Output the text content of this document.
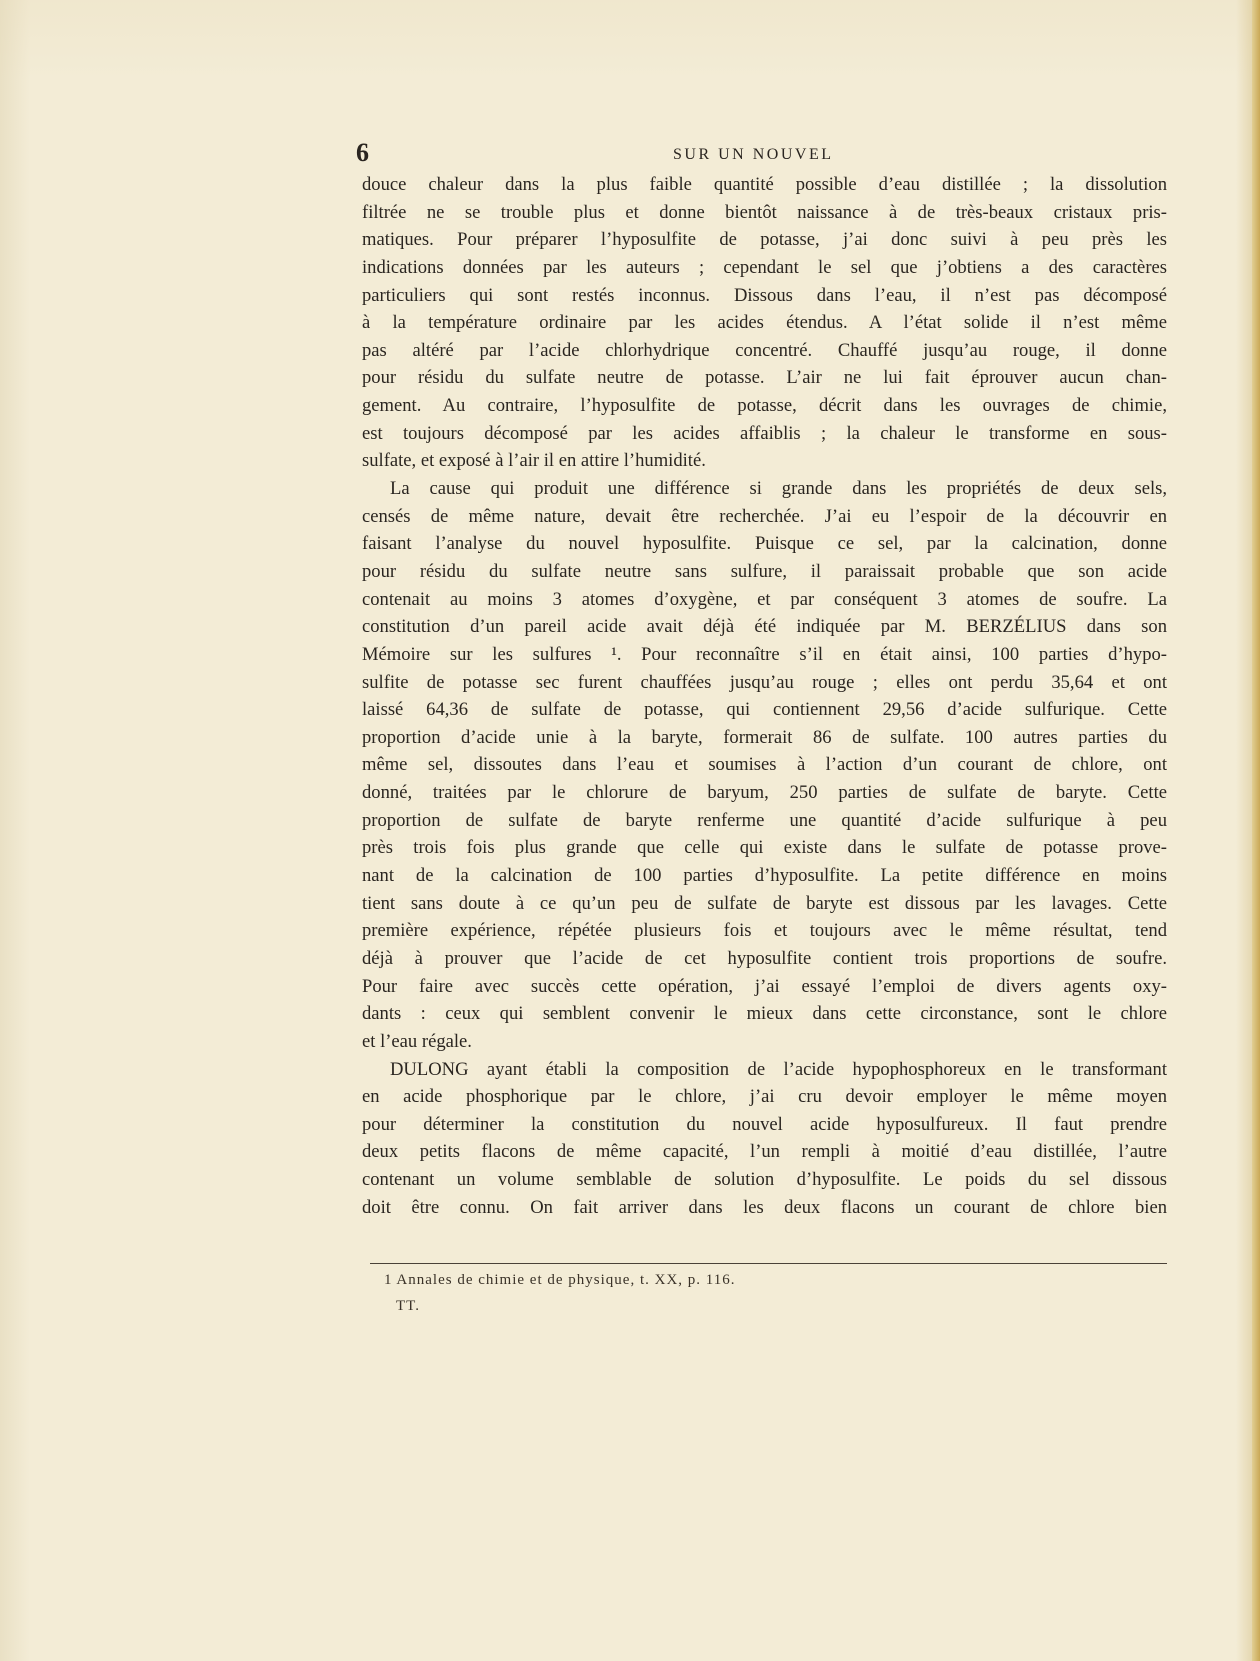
6	SUR UN NOUVEL
douce chaleur dans la plus faible quantité possible d’eau distillée ; la dissolution
filtrée ne se trouble plus et donne bientôt naissance à de très-beaux cristaux pris-
matiques. Pour préparer l’hyposulfite de potasse, j’ai donc suivi à peu près les
indications données par les auteurs ; cependant le sel que j’obtiens a des caractères
particuliers qui sont restés inconnus. Dissous dans l’eau, il n’est pas décomposé
à la température ordinaire par les acides étendus. A l’état solide il n’est même
pas altéré par l’acide chlorhydrique concentré. Chauffé jusqu’au rouge, il donne
pour résidu du sulfate neutre de potasse. L’air ne lui fait éprouver aucun chan-
gement. Au contraire, l’hyposulfite de potasse, décrit dans les ouvrages de chimie,
est toujours décomposé par les acides affaiblis ; la chaleur le transforme en sous-
sulfate, et exposé à l’air il en attire l’humidité.
La cause qui produit une différence si grande dans les propriétés de deux sels,
censés de même nature, devait être recherchée. J’ai eu l’espoir de la découvrir en
faisant l’analyse du nouvel hyposulfite. Puisque ce sel, par la calcination, donne
pour résidu du sulfate neutre sans sulfure, il paraissait probable que son acide
contenait au moins 3 atomes d’oxygène, et par conséquent 3 atomes de soufre. La
constitution d’un pareil acide avait déjà été indiquée par M. BERZÉLIUS dans son
Mémoire sur les sulfures ¹. Pour reconnaître s’il en était ainsi, 100 parties d’hypo-
sulfite de potasse sec furent chauffées jusqu’au rouge ; elles ont perdu 35,64 et ont
laissé 64,36 de sulfate de potasse, qui contiennent 29,56 d’acide sulfurique. Cette
proportion d’acide unie à la baryte, formerait 86 de sulfate. 100 autres parties du
même sel, dissoutes dans l’eau et soumises à l’action d’un courant de chlore, ont
donné, traitées par le chlorure de baryum, 250 parties de sulfate de baryte. Cette
proportion de sulfate de baryte renferme une quantité d’acide sulfurique à peu
près trois fois plus grande que celle qui existe dans le sulfate de potasse prove-
nant de la calcination de 100 parties d’hyposulfite. La petite différence en moins
tient sans doute à ce qu’un peu de sulfate de baryte est dissous par les lavages. Cette
première expérience, répétée plusieurs fois et toujours avec le même résultat, tend
déjà à prouver que l’acide de cet hyposulfite contient trois proportions de soufre.
Pour faire avec succès cette opération, j’ai essayé l’emploi de divers agents oxy-
dants : ceux qui semblent convenir le mieux dans cette circonstance, sont le chlore
et l’eau régale.
DULONG ayant établi la composition de l’acide hypophosphoreux en le transformant
en acide phosphorique par le chlore, j’ai cru devoir employer le même moyen
pour déterminer la constitution du nouvel acide hyposulfureux. Il faut prendre
deux petits flacons de même capacité, l’un rempli à moitié d’eau distillée, l’autre
contenant un volume semblable de solution d’hyposulfite. Le poids du sel dissous
doit être connu. On fait arriver dans les deux flacons un courant de chlore bien
1 Annales de chimie et de physique, t. XX, p. 116.
TT.
